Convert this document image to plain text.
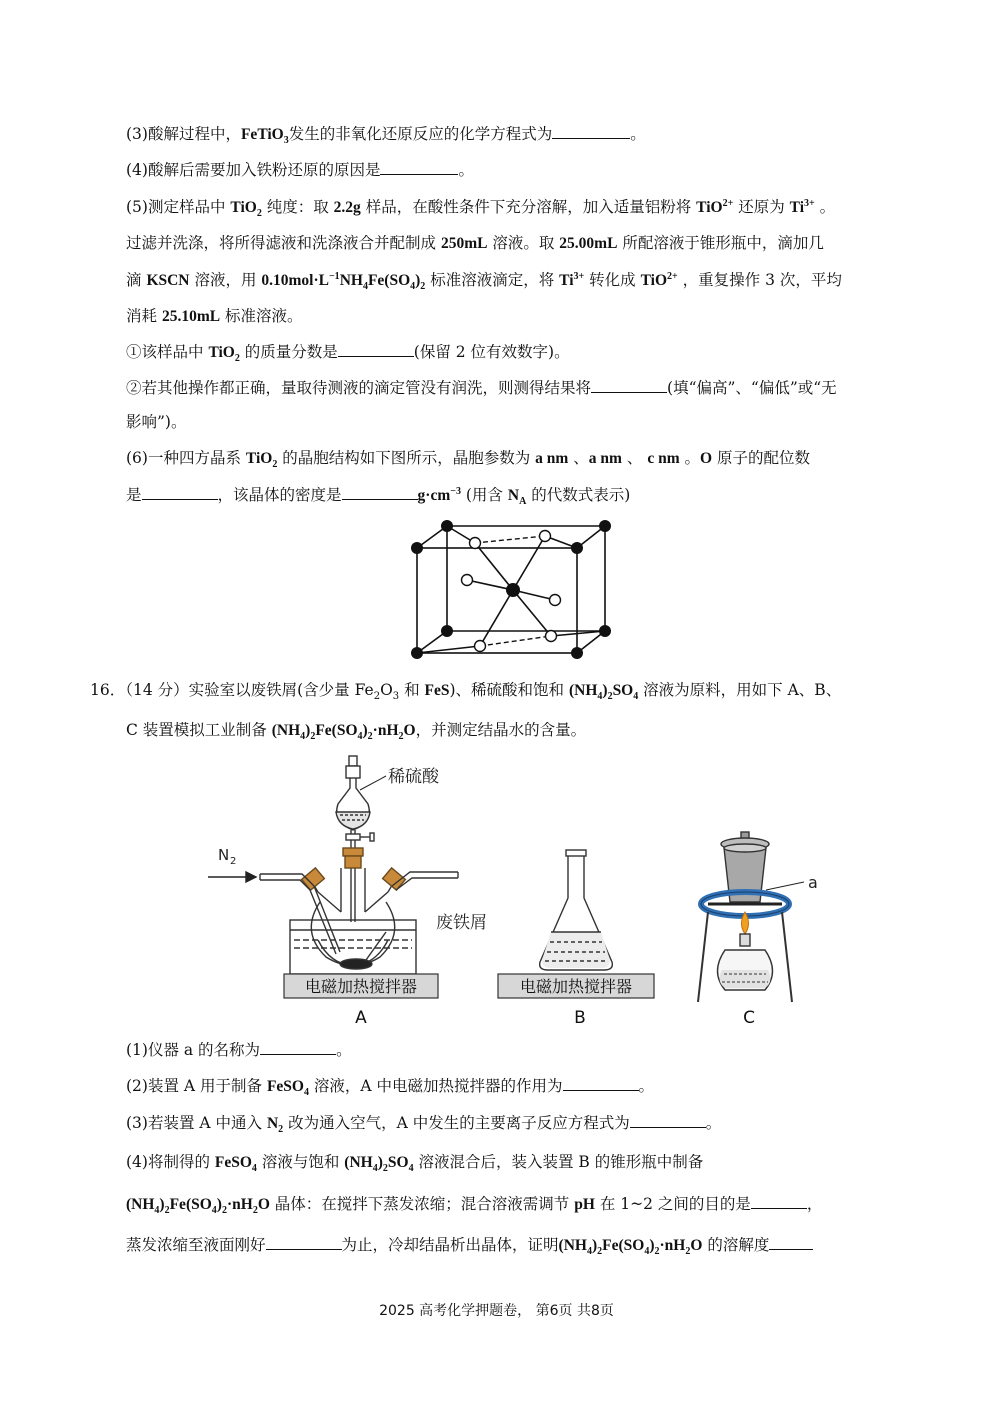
(3)酸解过程中，FeTiO$_3$发生的非氧化还原反应的化学方程式为	。
(4)酸解后需要加入铁粉还原的原因是	。
(5)测定样品中 TiO$_2$ 纯度：取 2.2g 样品，在酸性条件下充分溶解，加入适量铝粉将 TiO$^{2+}$ 还原为 $Ti^{3+}$ 。
过滤并洗涤，将所得滤液和洗涤液合并配制成 250mL 溶液。取 25.00mL 所配溶液于锥形瓶中，滴加几
滴 KSCN 溶液，用 $0.10mol\cdot L^{-1}NH_4Fe(SO_4)_2$ 标准溶液滴定，将 $Ti^{3+}$ 转化成 TiO$^{2+}$ ，重复操作 3 次，平均
消耗 25.10mL 标准溶液。
①该样品中 TiO$_2$ 的质量分数是	(保留 2 位有效数字)。
②若其他操作都正确，量取待测液的滴定管没有润洗，则测得结果将	(填“偏高”、“偏低”或“无
影响”)。
(6)一种四方晶系 TiO$_2$ 的晶胞结构如下图所示，晶胞参数为 a nm 、a nm 、 c nm 。O 原子的配位数
是	，该晶体的密度是	$g\cdot cm^{-3}$ (用含 $N_A$ 的代数式表示)
16．（14 分）实验室以废铁屑(含少量 $Fe_2O_3$ 和 FeS)、稀硫酸和饱和 $(NH_4)_2SO_4$ 溶液为原料，用如下 A、B、
C 装置模拟工业制备 $(NH_4)_2Fe(SO_4)_2\cdot nH_2O$，并测定结晶水的含量。
N 2
稀硫酸
废铁屑
电磁加热搅拌器
A
电磁加热搅拌器
B
a
C
(1)仪器 a 的名称为	。
(2)装置 A 用于制备 FeSO$_4$ 溶液，A 中电磁加热搅拌器的作用为	。
(3)若装置 A 中通入 $N_2$ 改为通入空气，A 中发生的主要离子反应方程式为	。
(4)将制得的 FeSO$_4$ 溶液与饱和 $(NH_4)_2SO_4$ 溶液混合后，装入装置 B 的锥形瓶中制备
$(NH_4)_2Fe(SO_4)_2\cdot nH_2O$ 晶体：在搅拌下蒸发浓缩；混合溶液需调节 pH 在 1~2 之间的目的是	，
蒸发浓缩至液面刚好	为止，冷却结晶析出晶体，证明$(NH_4)_2Fe(SO_4)_2\cdot nH_2O$ 的溶解度
2025 高考化学押题卷， 第6页 共8页
